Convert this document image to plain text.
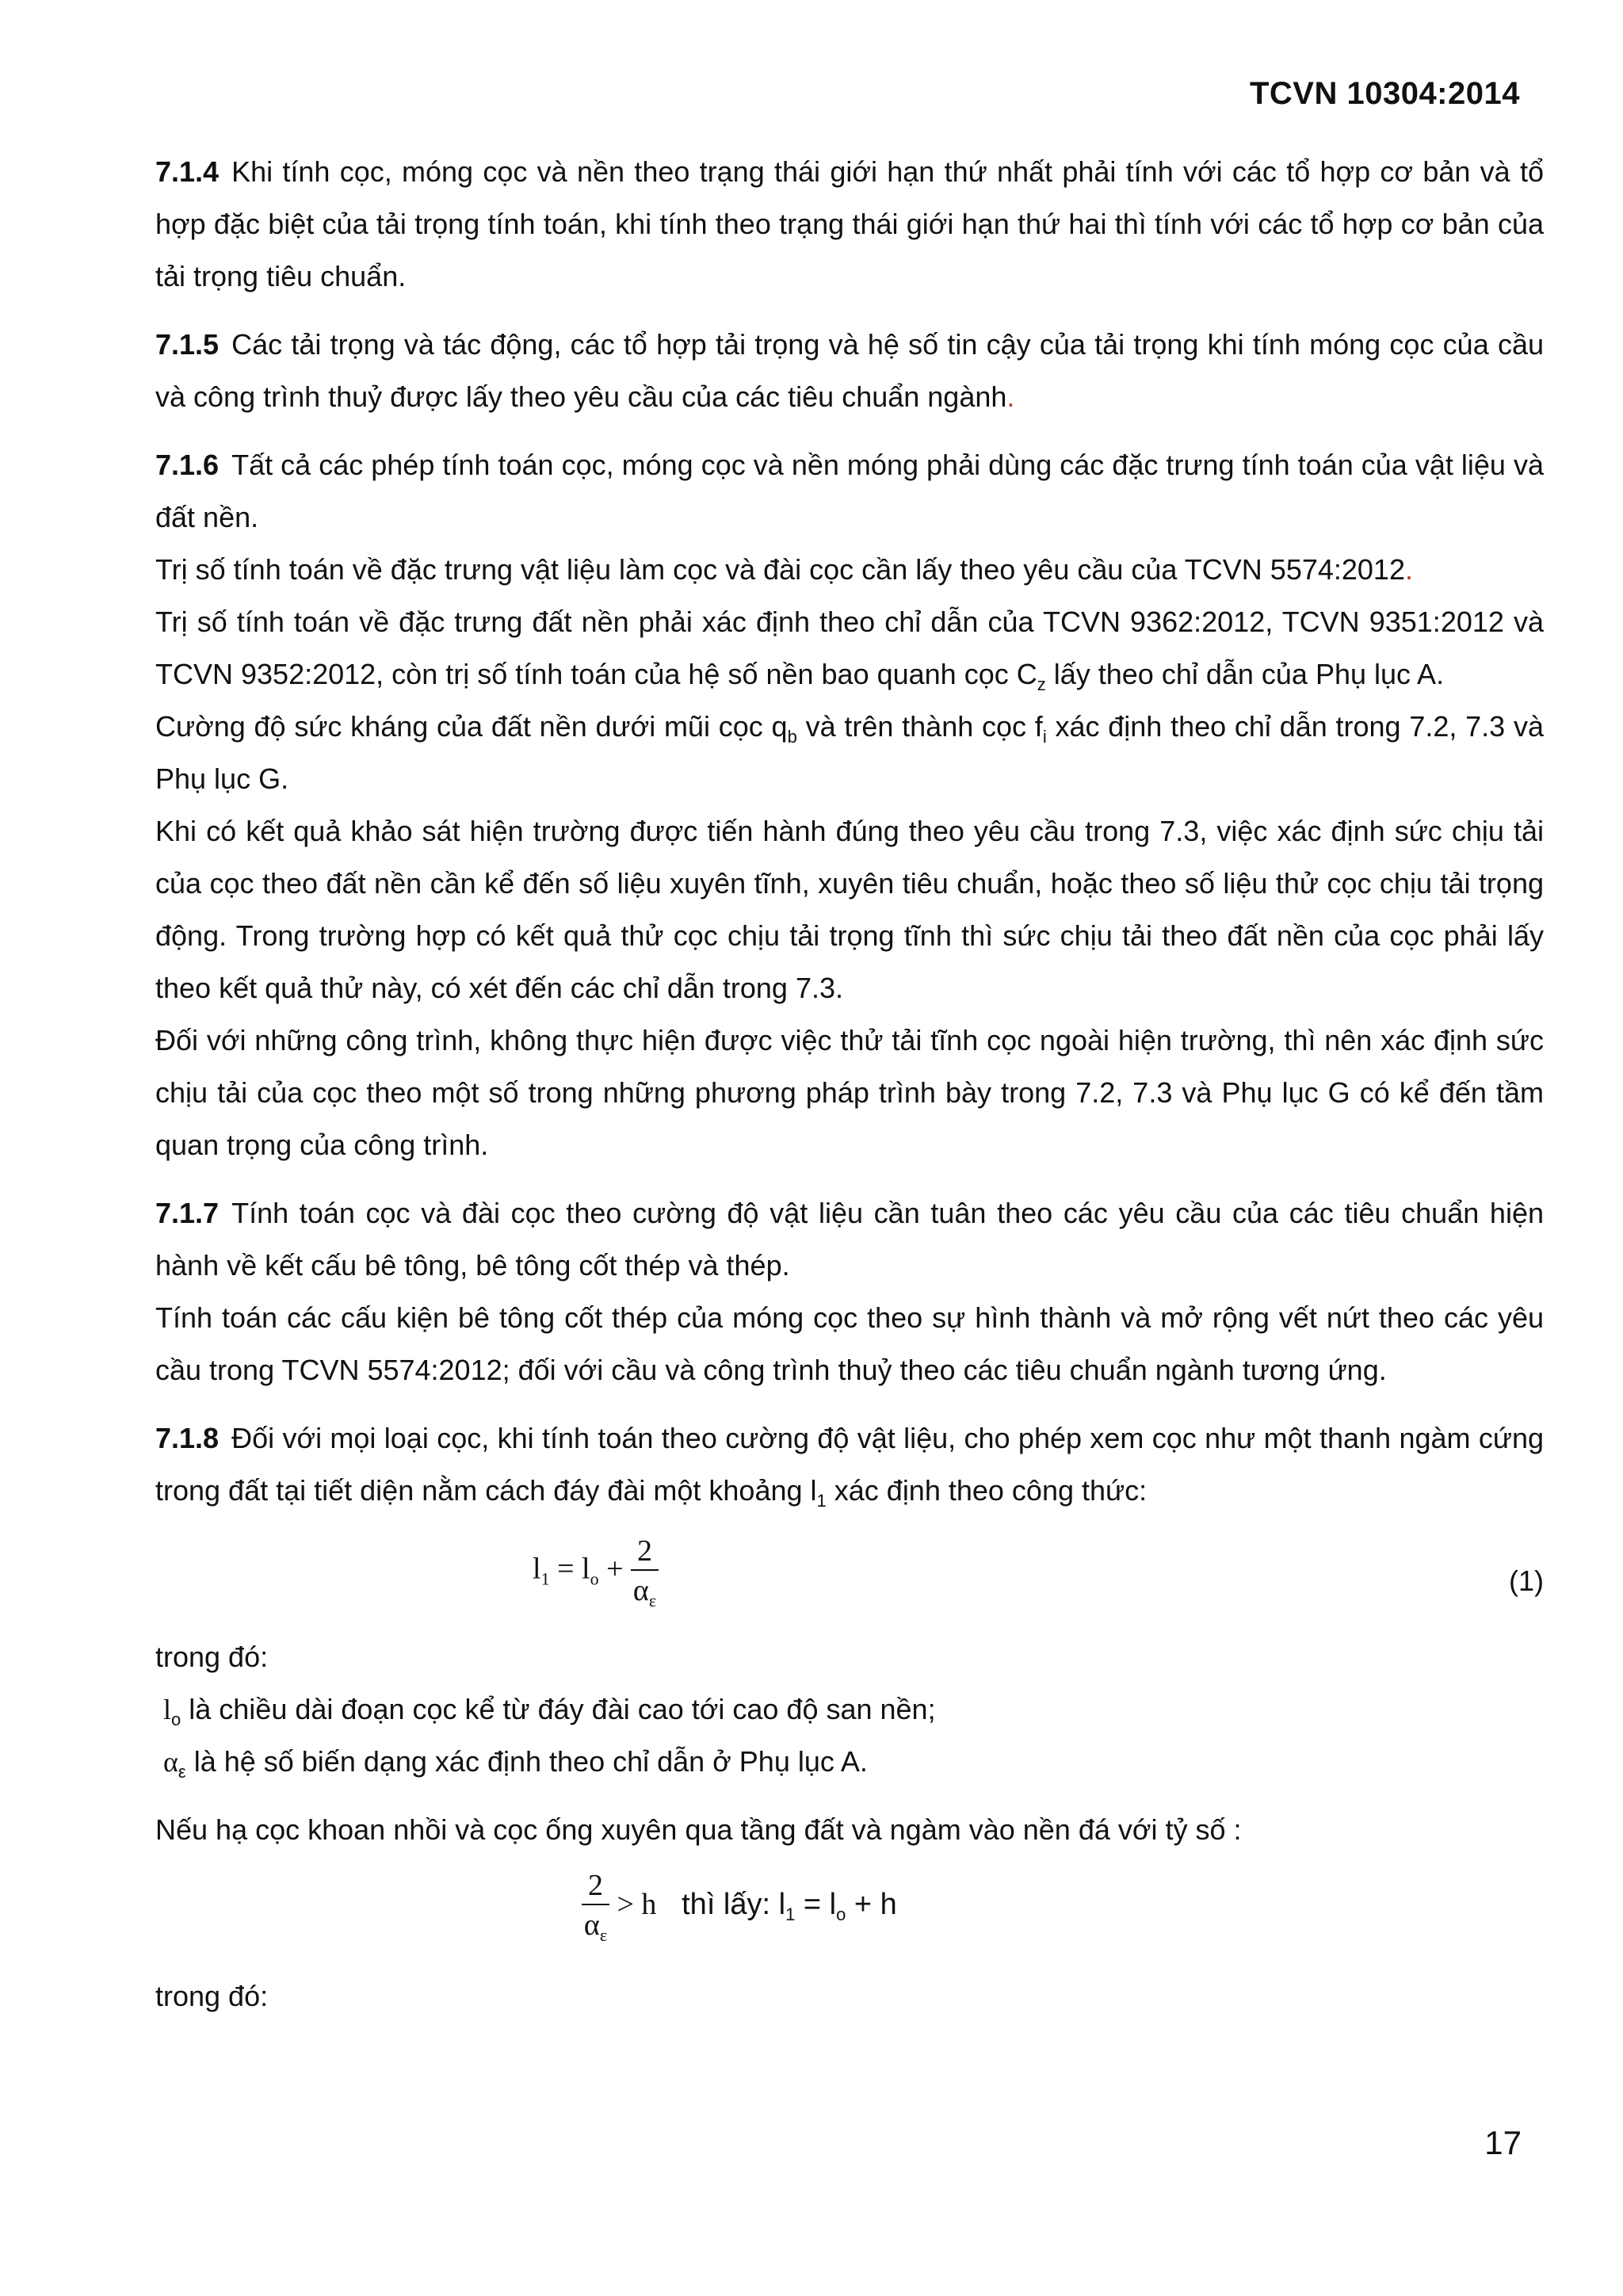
TCVN 10304:2014

7.1.4 Khi tính cọc, móng cọc và nền theo trạng thái giới hạn thứ nhất phải tính với các tổ hợp cơ bản và tổ hợp đặc biệt của tải trọng tính toán, khi tính theo trạng thái giới hạn thứ hai thì tính với các tổ hợp cơ bản của tải trọng tiêu chuẩn.

7.1.5 Các tải trọng và tác động, các tổ hợp tải trọng và hệ số tin cậy của tải trọng khi tính móng cọc của cầu và công trình thuỷ được lấy theo yêu cầu của các tiêu chuẩn ngành.

7.1.6 Tất cả các phép tính toán cọc, móng cọc và nền móng phải dùng các đặc trưng tính toán của vật liệu và đất nền.

Trị số tính toán về đặc trưng vật liệu làm cọc và đài cọc cần lấy theo yêu cầu của TCVN 5574:2012.

Trị số tính toán về đặc trưng đất nền phải xác định theo chỉ dẫn của TCVN 9362:2012, TCVN 9351:2012 và TCVN 9352:2012, còn trị số tính toán của hệ số nền bao quanh cọc $C_z$ lấy theo chỉ dẫn của Phụ lục A.

Cường độ sức kháng của đất nền dưới mũi cọc $q_b$ và trên thành cọc $f_i$ xác định theo chỉ dẫn trong 7.2, 7.3 và Phụ lục G.

Khi có kết quả khảo sát hiện trường được tiến hành đúng theo yêu cầu trong 7.3, việc xác định sức chịu tải của cọc theo đất nền cần kể đến số liệu xuyên tĩnh, xuyên tiêu chuẩn, hoặc theo số liệu thử cọc chịu tải trọng động. Trong trường hợp có kết quả thử cọc chịu tải trọng tĩnh thì sức chịu tải theo đất nền của cọc phải lấy theo kết quả thử này, có xét đến các chỉ dẫn trong 7.3.

Đối với những công trình, không thực hiện được việc thử tải tĩnh cọc ngoài hiện trường, thì nên xác định sức chịu tải của cọc theo một số trong những phương pháp trình bày trong 7.2, 7.3 và Phụ lục G có kể đến tầm quan trọng của công trình.

7.1.7 Tính toán cọc và đài cọc theo cường độ vật liệu cần tuân theo các yêu cầu của các tiêu chuẩn hiện hành về kết cấu bê tông, bê tông cốt thép và thép.

Tính toán các cấu kiện bê tông cốt thép của móng cọc theo sự hình thành và mở rộng vết nứt theo các yêu cầu trong TCVN 5574:2012; đối với cầu và công trình thuỷ theo các tiêu chuẩn ngành tương ứng.

7.1.8 Đối với mọi loại cọc, khi tính toán theo cường độ vật liệu, cho phép xem cọc như một thanh ngàm cứng trong đất tại tiết diện nằm cách đáy đài một khoảng $l_1$ xác định theo công thức:

$l_1 = l_o + \frac{2}{\alpha_\varepsilon}$	(1)

trong đó:

$l_o$ là chiều dài đoạn cọc kể từ đáy đài cao tới cao độ san nền;

$\alpha_\varepsilon$ là hệ số biến dạng xác định theo chỉ dẫn ở Phụ lục A.

Nếu hạ cọc khoan nhồi và cọc ống xuyên qua tầng đất và ngàm vào nền đá với tỷ số :

$\frac{2}{\alpha_\varepsilon} > h$ thì lấy: $l_1 = l_o + h$

trong đó:

17
